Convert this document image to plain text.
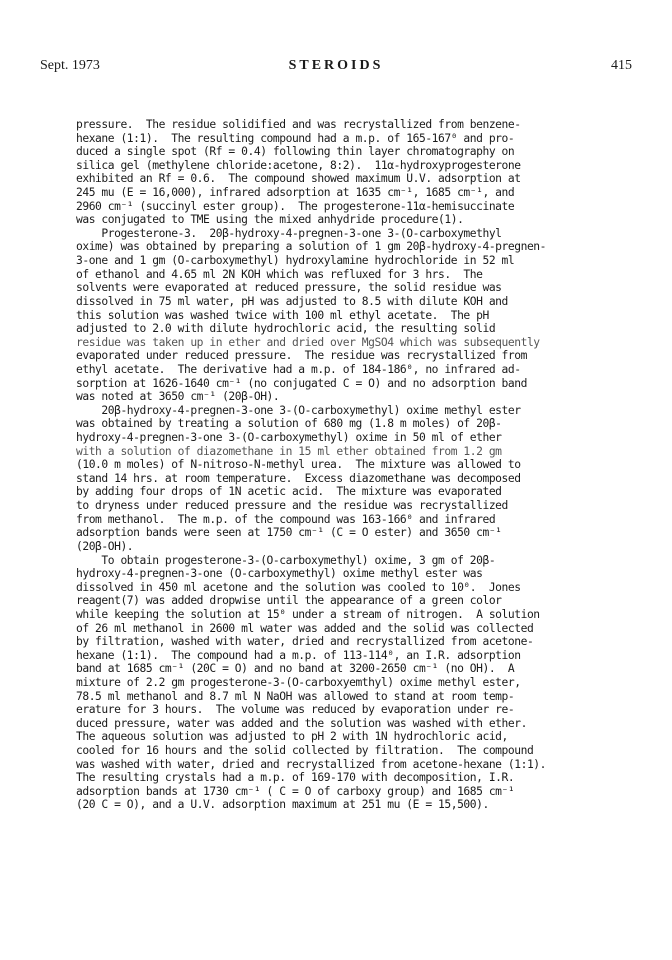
Sept. 1973	STEROIDS	415
pressure.  The residue solidified and was recrystallized from benzene-
hexane (1:1).  The resulting compound had a m.p. of 165-167⁰ and pro-
duced a single spot (Rf = 0.4) following thin layer chromatography on
silica gel (methylene chloride:acetone, 8:2).  11α-hydroxyprogesterone
exhibited an Rf = 0.6.  The compound showed maximum U.V. adsorption at
245 mu (E = 16,000), infrared adsorption at 1635 cm⁻¹, 1685 cm⁻¹, and
2960 cm⁻¹ (succinyl ester group).  The progesterone-11α-hemisuccinate
was conjugated to TME using the mixed anhydride procedure(1).
Progesterone-3.  20β-hydroxy-4-pregnen-3-one 3-(O-carboxymethyl
oxime) was obtained by preparing a solution of 1 gm 20β-hydroxy-4-pregnen-
3-one and 1 gm (O-carboxymethyl) hydroxylamine hydrochloride in 52 ml
of ethanol and 4.65 ml 2N KOH which was refluxed for 3 hrs.  The
solvents were evaporated at reduced pressure, the solid residue was
dissolved in 75 ml water, pH was adjusted to 8.5 with dilute KOH and
this solution was washed twice with 100 ml ethyl acetate.  The pH
adjusted to 2.0 with dilute hydrochloric acid, the resulting solid
residue was taken up in ether and dried over MgSO4 which was subsequently
evaporated under reduced pressure.  The residue was recrystallized from
ethyl acetate.  The derivative had a m.p. of 184-186⁰, no infrared ad-
sorption at 1626-1640 cm⁻¹ (no conjugated C = O) and no adsorption band
was noted at 3650 cm⁻¹ (20β-OH).
20β-hydroxy-4-pregnen-3-one 3-(O-carboxymethyl) oxime methyl ester
was obtained by treating a solution of 680 mg (1.8 m moles) of 20β-
hydroxy-4-pregnen-3-one 3-(O-carboxymethyl) oxime in 50 ml of ether
with a solution of diazomethane in 15 ml ether obtained from 1.2 gm
(10.0 m moles) of N-nitroso-N-methyl urea.  The mixture was allowed to
stand 14 hrs. at room temperature.  Excess diazomethane was decomposed
by adding four drops of 1N acetic acid.  The mixture was evaporated
to dryness under reduced pressure and the residue was recrystallized
from methanol.  The m.p. of the compound was 163-166⁰ and infrared
adsorption bands were seen at 1750 cm⁻¹ (C = O ester) and 3650 cm⁻¹
(20β-OH).
To obtain progesterone-3-(O-carboxymethyl) oxime, 3 gm of 20β-
hydroxy-4-pregnen-3-one (O-carboxymethyl) oxime methyl ester was
dissolved in 450 ml acetone and the solution was cooled to 10⁰.  Jones
reagent(7) was added dropwise until the appearance of a green color
while keeping the solution at 15⁰ under a stream of nitrogen.  A solution
of 26 ml methanol in 2600 ml water was added and the solid was collected
by filtration, washed with water, dried and recrystallized from acetone-
hexane (1:1).  The compound had a m.p. of 113-114⁰, an I.R. adsorption
band at 1685 cm⁻¹ (20C = O) and no band at 3200-2650 cm⁻¹ (no OH).  A
mixture of 2.2 gm progesterone-3-(O-carboxyemthyl) oxime methyl ester,
78.5 ml methanol and 8.7 ml N NaOH was allowed to stand at room temp-
erature for 3 hours.  The volume was reduced by evaporation under re-
duced pressure, water was added and the solution was washed with ether.
The aqueous solution was adjusted to pH 2 with 1N hydrochloric acid,
cooled for 16 hours and the solid collected by filtration.  The compound
was washed with water, dried and recrystallized from acetone-hexane (1:1).
The resulting crystals had a m.p. of 169-170 with decomposition, I.R.
adsorption bands at 1730 cm⁻¹ ( C = O of carboxy group) and 1685 cm⁻¹
(20 C = O), and a U.V. adsorption maximum at 251 mu (E = 15,500).
